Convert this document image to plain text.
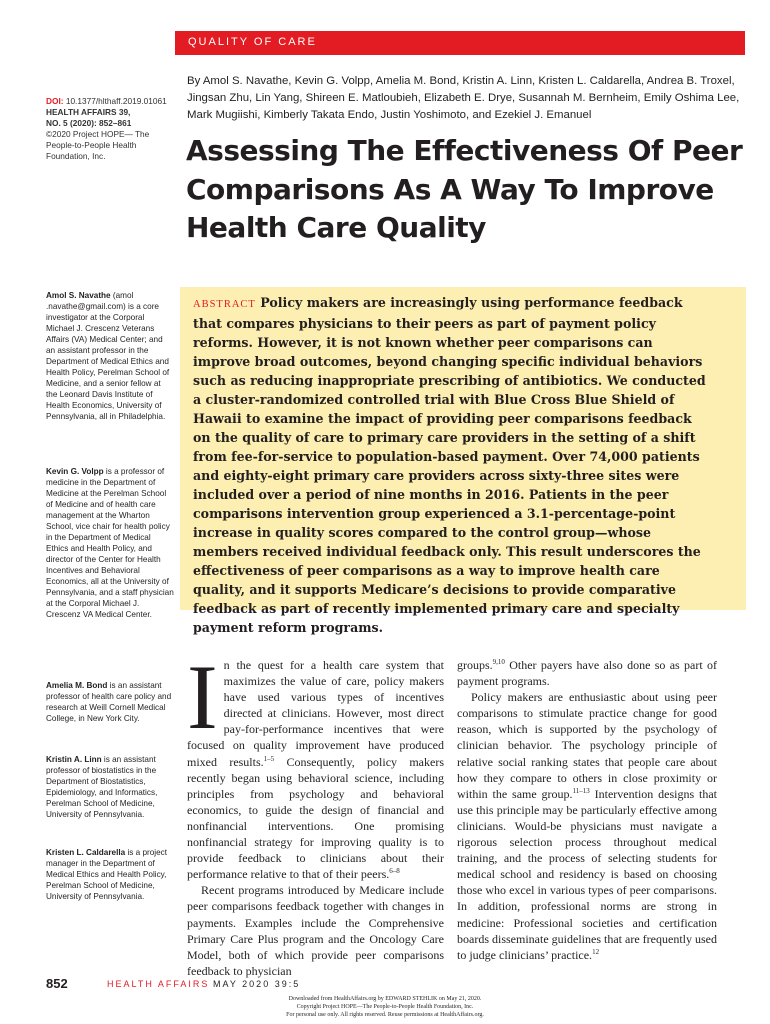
QUALITY OF CARE
DOI: 10.1377/hlthaff.2019.01061
HEALTH AFFAIRS 39,
NO. 5 (2020): 852–861
©2020 Project HOPE— The People-to-People Health Foundation, Inc.
By Amol S. Navathe, Kevin G. Volpp, Amelia M. Bond, Kristin A. Linn, Kristen L. Caldarella, Andrea B. Troxel, Jingsan Zhu, Lin Yang, Shireen E. Matloubieh, Elizabeth E. Drye, Susannah M. Bernheim, Emily Oshima Lee, Mark Mugiishi, Kimberly Takata Endo, Justin Yoshimoto, and Ezekiel J. Emanuel
Assessing The Effectiveness Of Peer Comparisons As A Way To Improve Health Care Quality
ABSTRACT Policy makers are increasingly using performance feedback that compares physicians to their peers as part of payment policy reforms. However, it is not known whether peer comparisons can improve broad outcomes, beyond changing specific individual behaviors such as reducing inappropriate prescribing of antibiotics. We conducted a cluster-randomized controlled trial with Blue Cross Blue Shield of Hawaii to examine the impact of providing peer comparisons feedback on the quality of care to primary care providers in the setting of a shift from fee-for-service to population-based payment. Over 74,000 patients and eighty-eight primary care providers across sixty-three sites were included over a period of nine months in 2016. Patients in the peer comparisons intervention group experienced a 3.1-percentage-point increase in quality scores compared to the control group—whose members received individual feedback only. This result underscores the effectiveness of peer comparisons as a way to improve health care quality, and it supports Medicare’s decisions to provide comparative feedback as part of recently implemented primary care and specialty payment reform programs.
Amol S. Navathe (amol .navathe@gmail.com) is a core investigator at the Corporal Michael J. Crescenz Veterans Affairs (VA) Medical Center; and an assistant professor in the Department of Medical Ethics and Health Policy, Perelman School of Medicine, and a senior fellow at the Leonard Davis Institute of Health Economics, University of Pennsylvania, all in Philadelphia.
Kevin G. Volpp is a professor of medicine in the Department of Medicine at the Perelman School of Medicine and of health care management at the Wharton School, vice chair for health policy in the Department of Medical Ethics and Health Policy, and director of the Center for Health Incentives and Behavioral Economics, all at the University of Pennsylvania, and a staff physician at the Corporal Michael J. Crescenz VA Medical Center.
Amelia M. Bond is an assistant professor of health care policy and research at Weill Cornell Medical College, in New York City.
Kristin A. Linn is an assistant professor of biostatistics in the Department of Biostatistics, Epidemiology, and Informatics, Perelman School of Medicine, University of Pennsylvania.
Kristen L. Caldarella is a project manager in the Department of Medical Ethics and Health Policy, Perelman School of Medicine, University of Pennsylvania.

In the quest for a health care system that maximizes the value of care, policy makers have used various types of incentives directed at clinicians. However, most direct pay-for-performance incentives that were focused on quality improvement have produced mixed results.$^{1-5}$ Consequently, policy makers recently began using behavioral science, including principles from psychology and behavioral economics, to guide the design of financial and nonfinancial interventions. One promising nonfinancial strategy for improving quality is to provide feedback to clinicians about their performance relative to that of their peers.$^{6-8}$

Recent programs introduced by Medicare include peer comparisons feedback together with changes in payments. Examples include the Comprehensive Primary Care Plus program and the Oncology Care Model, both of which provide peer comparisons feedback to physician

groups.$^{9,10}$ Other payers have also done so as part of payment programs.

Policy makers are enthusiastic about using peer comparisons to stimulate practice change for good reason, which is supported by the psychology of clinician behavior. The psychology principle of relative social ranking states that people care about how they compare to others in close proximity or within the same group.$^{11-13}$ Intervention designs that use this principle may be particularly effective among clinicians. Would-be physicians must navigate a rigorous selection process throughout medical training, and the process of selecting students for medical school and residency is based on choosing those who excel in various types of peer comparisons. In addition, professional norms are strong in medicine: Professional societies and certification boards disseminate guidelines that are frequently used to judge clinicians’ practice.$^{12}$

852	HEALTH AFFAIRS MAY 2020 39:5
Downloaded from HealthAffairs.org by EDWARD STEHLIK on May 21, 2020.
Copyright Project HOPE—The People-to-People Health Foundation, Inc.
For personal use only. All rights reserved. Reuse permissions at HealthAffairs.org.
